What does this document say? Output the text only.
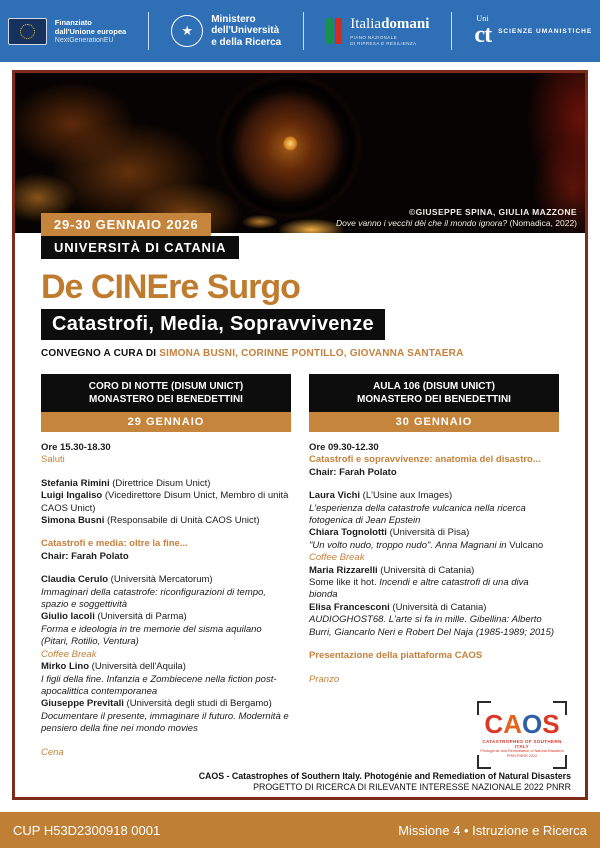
Finanziato
dall'Unione europea
NextGenerationEU
★
Ministero
dell'Università
e della Ricerca
Italiadomani
PIANO NAZIONALE
DI RIPRESA E RESILIENZA
Uni
ct SCIENZE UMANISTICHE
©GIUSEPPE SPINA, GIULIA MAZZONE
Dove vanno i vecchi dèi che il mondo ignora? (Nomadica, 2022)
29-30 GENNAIO 2026
UNIVERSITÀ DI CATANIA
De CINEre Surgo
Catastrofi, Media, Sopravvivenze
CONVEGNO A CURA DI SIMONA BUSNI, CORINNE PONTILLO, GIOVANNA SANTAERA
CORO DI NOTTE (DISUM UNICT)
MONASTERO DEI BENEDETTINI
29 GENNAIO
Ore 15.30-18.30
Saluti
Stefania Rimini (Direttrice Disum Unict)
Luigi Ingaliso (Vicedirettore Disum Unict, Membro di unità CAOS Unict)
Simona Busni (Responsabile di Unità CAOS Unict)
Catastrofi e media: oltre la fine...
Chair: Farah Polato
Claudia Cerulo (Università Mercatorum)
Immaginari della catastrofe: riconfigurazioni di tempo, spazio e soggettività
Giulio Iacoli (Università di Parma)
Forma e ideologia in tre memorie del sisma aquilano (Pitari, Rotilio, Ventura)
Coffee Break
Mirko Lino (Università dell'Aquila)
I figli della fine. Infanzia e Zombiecene nella fiction post-apocalittica contemporanea
Giuseppe Previtali (Università degli studi di Bergamo)
Documentare il presente, immaginare il futuro. Modernità e pensiero della fine nei mondo movies
Cena
AULA 106 (DISUM UNICT)
MONASTERO DEI BENEDETTINI
30 GENNAIO
Ore 09.30-12.30
Catastrofi e sopravvivenze: anatomia del disastro...
Chair: Farah Polato
Laura Vichi (L'Usine aux Images)
L'esperienza della catastrofe vulcanica nella ricerca fotogenica di Jean Epstein
Chiara Tognolotti (Università di Pisa)
"Un volto nudo, troppo nudo". Anna Magnani in Vulcano
Coffee Break
Maria Rizzarelli (Università di Catania)
Some like it hot. Incendi e altre catastrofi di una diva bionda
Elisa Francesconi (Università di Catania)
AUDIOGHOST68. L'arte si fa in mille. Gibellina: Alberto Burri, Giancarlo Neri e Robert Del Naja (1985-1989; 2015)
Presentazione della piattaforma CAOS
Pranzo
CAOS
CATASTROPHES OF SOUTHERN ITALY
Photogénie and Remediation of Natural Disasters
PRIN PNRR 2022
CAOS - Catastrophes of Southern Italy. Photogénie and Remediation of Natural Disasters
PROGETTO DI RICERCA DI RILEVANTE INTERESSE NAZIONALE 2022 PNRR
CUP H53D2300918 0001	Missione 4 • Istruzione e Ricerca
